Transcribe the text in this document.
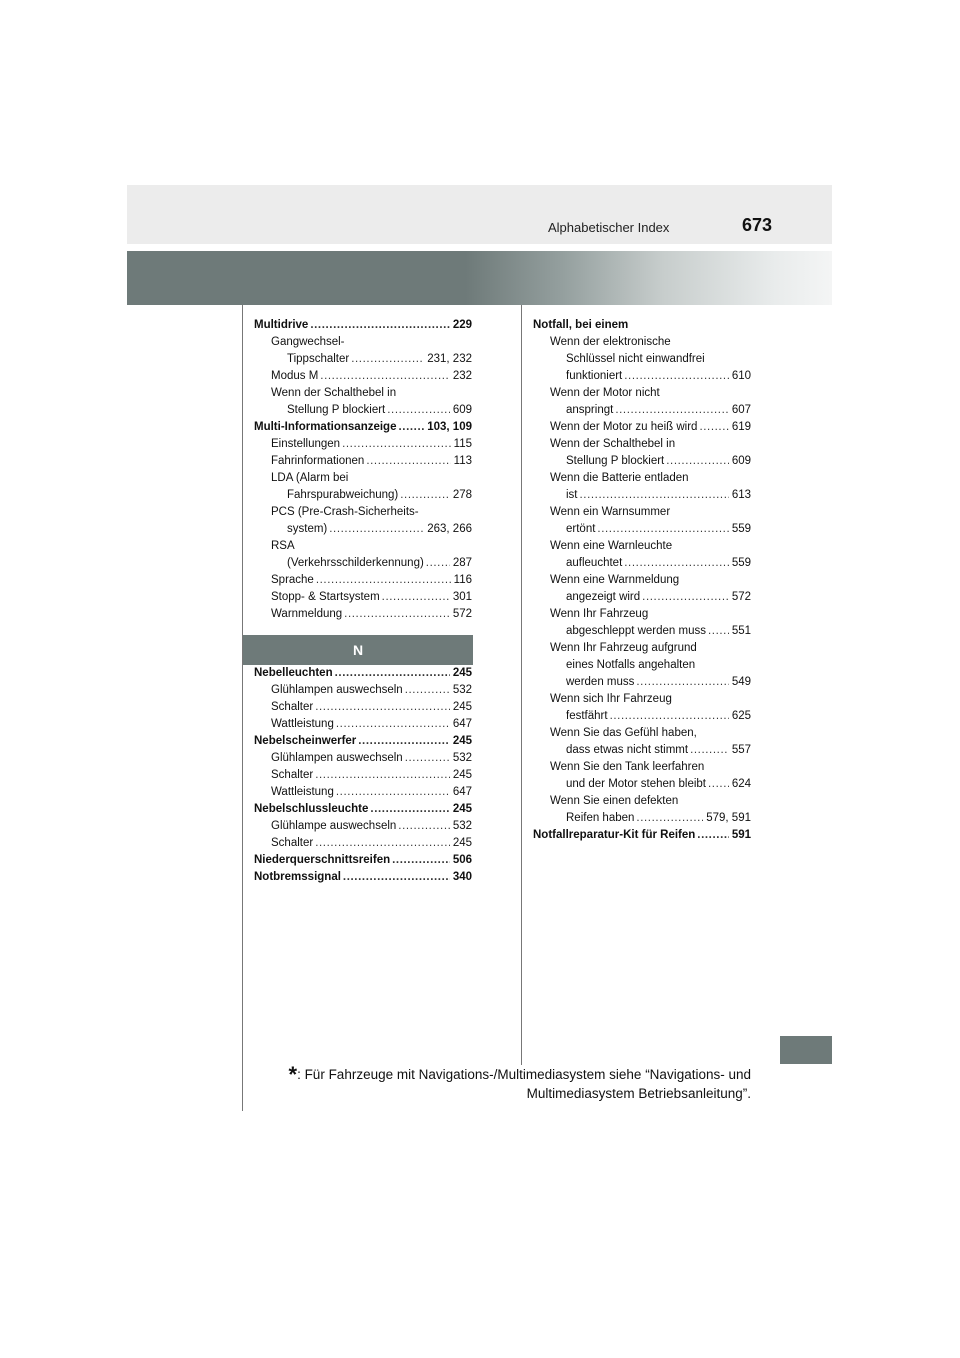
Alphabetischer Index	673
Multidrive .....	229
Gangwechsel-
Tippschalter .....	231, 232
Modus M .....	232
Wenn der Schalthebel in
Stellung P blockiert .....	609
Multi-Informationsanzeige .....	103, 109
Einstellungen .....	115
Fahrinformationen .....	113
LDA (Alarm bei
Fahrspurabweichung) .....	278
PCS (Pre-Crash-Sicherheits-
system) .....	263, 266
RSA
(Verkehrsschilderkennung) .....	287
Sprache .....	116
Stopp- & Startsystem .....	301
Warnmeldung .....	572
N
Nebelleuchten .....	245
Glühlampen auswechseln .....	532
Schalter .....	245
Wattleistung .....	647
Nebelscheinwerfer .....	245
Glühlampen auswechseln .....	532
Schalter .....	245
Wattleistung .....	647
Nebelschlussleuchte .....	245
Glühlampe auswechseln .....	532
Schalter .....	245
Niederquerschnittsreifen .....	506
Notbremssignal .....	340
Notfall, bei einem
Wenn der elektronische
Schlüssel nicht einwandfrei
funktioniert .....	610
Wenn der Motor nicht
anspringt .....	607
Wenn der Motor zu heiß wird .....	619
Wenn der Schalthebel in
Stellung P blockiert .....	609
Wenn die Batterie entladen
ist .....	613
Wenn ein Warnsummer
ertönt .....	559
Wenn eine Warnleuchte
aufleuchtet .....	559
Wenn eine Warnmeldung
angezeigt wird .....	572
Wenn Ihr Fahrzeug
abgeschleppt werden muss ..... 551
Wenn Ihr Fahrzeug aufgrund
eines Notfalls angehalten
werden muss .....	549
Wenn sich Ihr Fahrzeug
festfährt .....	625
Wenn Sie das Gefühl haben,
dass etwas nicht stimmt .....	557
Wenn Sie den Tank leerfahren
und der Motor stehen bleibt ..... 624
Wenn Sie einen defekten
Reifen haben .....	579, 591
Notfallreparatur-Kit für Reifen .....	591
*: Für Fahrzeuge mit Navigations-/Multimediasystem siehe “Navigations- und
Multimediasystem Betriebsanleitung”.
